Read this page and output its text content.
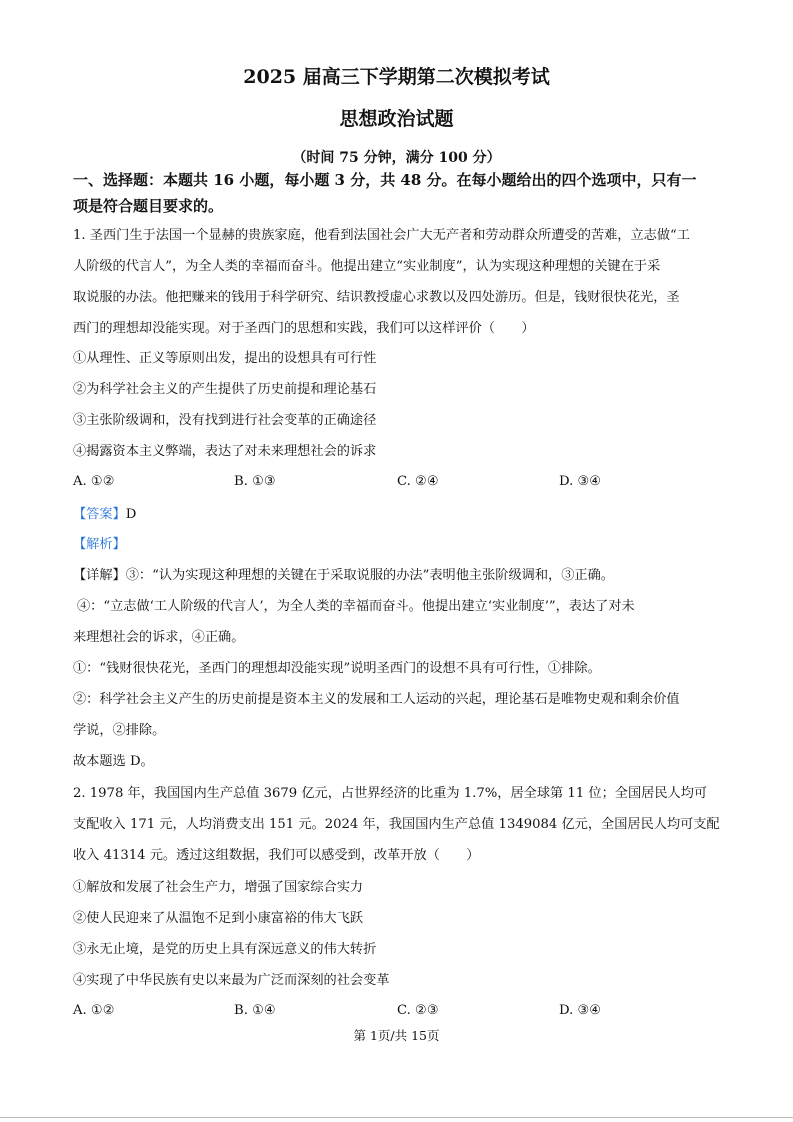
2025 届高三下学期第二次模拟考试
思想政治试题
（时间 75 分钟，满分 100 分）
一、选择题：本题共 16 小题，每小题 3 分，共 48 分。在每小题给出的四个选项中，只有一
项是符合题目要求的。
1. 圣西门生于法国一个显赫的贵族家庭，他看到法国社会广大无产者和劳动群众所遭受的苦难，立志做“工
人阶级的代言人”，为全人类的幸福而奋斗。他提出建立“实业制度”，认为实现这种理想的关键在于采
取说服的办法。他把赚来的钱用于科学研究、结识教授虚心求教以及四处游历。但是，钱财很快花光，圣
西门的理想却没能实现。对于圣西门的思想和实践，我们可以这样评价（　　）
①从理性、正义等原则出发，提出的设想具有可行性
②为科学社会主义的产生提供了历史前提和理论基石
③主张阶级调和，没有找到进行社会变革的正确途径
④揭露资本主义弊端，表达了对未来理想社会的诉求
A. ①②	B. ①③	C. ②④	D. ③④
【答案】D
【解析】
【详解】③：“认为实现这种理想的关键在于采取说服的办法”表明他主张阶级调和，③正确。
④：“立志做‘工人阶级的代言人’，为全人类的幸福而奋斗。他提出建立‘实业制度’”，表达了对未
来理想社会的诉求，④正确。
①：“钱财很快花光，圣西门的理想却没能实现”说明圣西门的设想不具有可行性，①排除。
②：科学社会主义产生的历史前提是资本主义的发展和工人运动的兴起，理论基石是唯物史观和剩余价值
学说，②排除。
故本题选 D。
2. 1978 年，我国国内生产总值 3679 亿元，占世界经济的比重为 1.7%，居全球第 11 位；全国居民人均可
支配收入 171 元，人均消费支出 151 元。2024 年，我国国内生产总值 1349084 亿元，全国居民人均可支配
收入 41314 元。透过这组数据，我们可以感受到，改革开放（　　）
①解放和发展了社会生产力，增强了国家综合实力
②使人民迎来了从温饱不足到小康富裕的伟大飞跃
③永无止境，是党的历史上具有深远意义的伟大转折
④实现了中华民族有史以来最为广泛而深刻的社会变革
A. ①②	B. ①④	C. ②③	D. ③④
第 1页/共 15页
